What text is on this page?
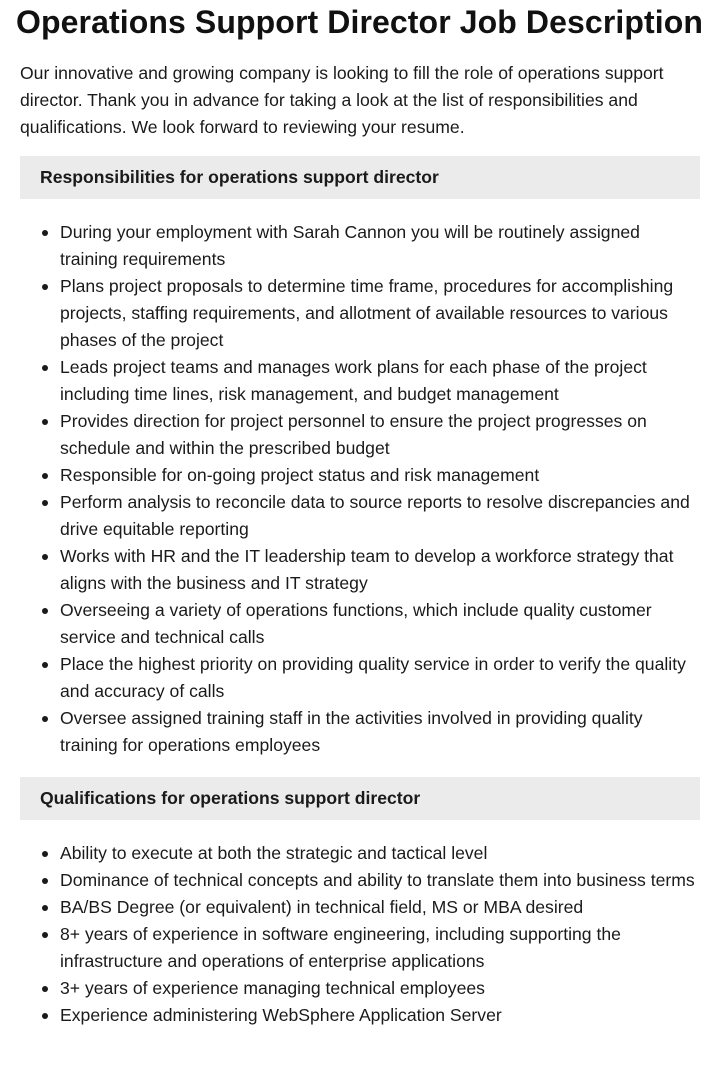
Operations Support Director Job Description

Our innovative and growing company is looking to fill the role of operations support director. Thank you in advance for taking a look at the list of responsibilities and qualifications. We look forward to reviewing your resume.

Responsibilities for operations support director
During your employment with Sarah Cannon you will be routinely assigned training requirements
Plans project proposals to determine time frame, procedures for accomplishing projects, staffing requirements, and allotment of available resources to various phases of the project
Leads project teams and manages work plans for each phase of the project including time lines, risk management, and budget management
Provides direction for project personnel to ensure the project progresses on schedule and within the prescribed budget
Responsible for on-going project status and risk management
Perform analysis to reconcile data to source reports to resolve discrepancies and drive equitable reporting
Works with HR and the IT leadership team to develop a workforce strategy that aligns with the business and IT strategy
Overseeing a variety of operations functions, which include quality customer service and technical calls
Place the highest priority on providing quality service in order to verify the quality and accuracy of calls
Oversee assigned training staff in the activities involved in providing quality training for operations employees
Qualifications for operations support director
Ability to execute at both the strategic and tactical level
Dominance of technical concepts and ability to translate them into business terms
BA/BS Degree (or equivalent) in technical field, MS or MBA desired
8+ years of experience in software engineering, including supporting the infrastructure and operations of enterprise applications
3+ years of experience managing technical employees
Experience administering WebSphere Application Server
